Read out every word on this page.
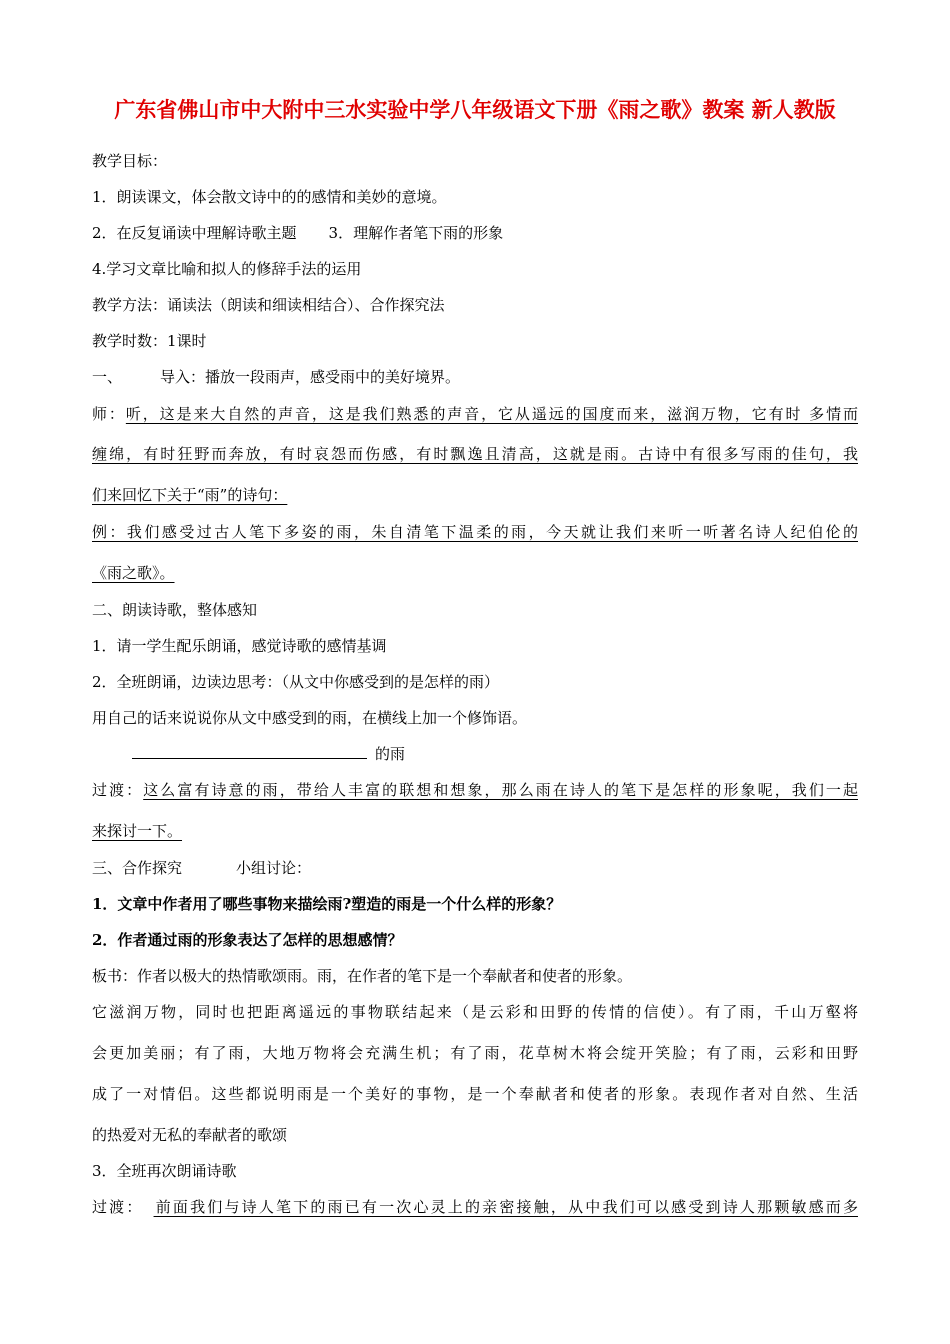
广东省佛山市中大附中三水实验中学八年级语文下册《雨之歌》教案 新人教版
教学目标：
1．朗读课文，体会散文诗中的的感情和美妙的意境。
2．在反复诵读中理解诗歌主题 3．理解作者笔下雨的形象
4.学习文章比喻和拟人的修辞手法的运用
教学方法：诵读法（朗读和细读相结合）、合作探究法
教学时数：1课时
一、	导入：播放一段雨声，感受雨中的美好境界。
师：听，这是来大自然的声音，这是我们熟悉的声音，它从遥远的国度而来，滋润万物，它有时 多情而
缠绵，有时狂野而奔放，有时哀怨而伤感，有时飘逸且清高，这就是雨。古诗中有很多写雨的佳句，我
们来回忆下关于“雨”的诗句：
例：我们感受过古人笔下多姿的雨，朱自清笔下温柔的雨，今天就让我们来听一听著名诗人纪伯伦的
《雨之歌》。
二、朗读诗歌，整体感知
1．请一学生配乐朗诵，感觉诗歌的感情基调
2．全班朗诵，边读边思考：（从文中你感受到的是怎样的雨）
用自己的话来说说你从文中感受到的雨，在横线上加一个修饰语。
的雨
过渡：这么富有诗意的雨，带给人丰富的联想和想象，那么雨在诗人的笔下是怎样的形象呢，我们一起
来探讨一下。
三、合作探究	小组讨论：
1．文章中作者用了哪些事物来描绘雨?塑造的雨是一个什么样的形象？
2．作者通过雨的形象表达了怎样的思想感情？
板书：作者以极大的热情歌颂雨。雨，在作者的笔下是一个奉献者和使者的形象。
它滋润万物，同时也把距离遥远的事物联结起来（是云彩和田野的传情的信使）。有了雨，千山万壑将
会更加美丽；有了雨，大地万物将会充满生机；有了雨，花草树木将会绽开笑脸；有了雨，云彩和田野
成了一对情侣。这些都说明雨是一个美好的事物，是一个奉献者和使者的形象。表现作者对自然、生活
的热爱对无私的奉献者的歌颂
3．全班再次朗诵诗歌
过渡： 前面我们与诗人笔下的雨已有一次心灵上的亲密接触，从中我们可以感受到诗人那颗敏感而多
